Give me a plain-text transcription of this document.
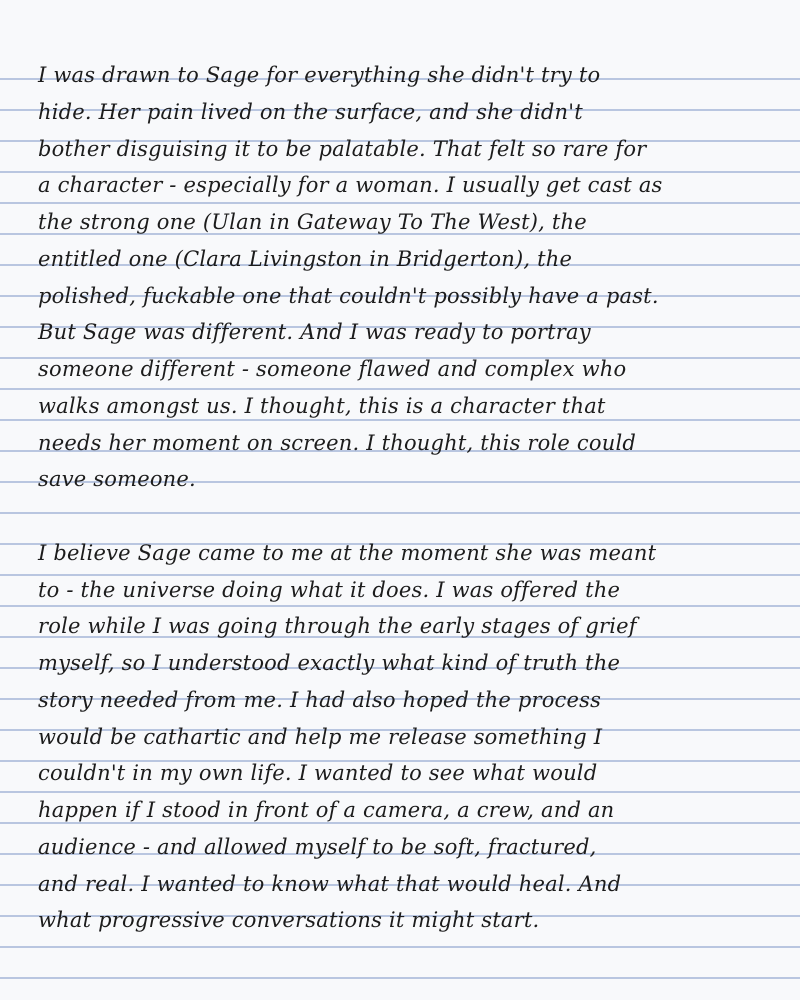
I was drawn to Sage for everything she didn't try to
hide. Her pain lived on the surface, and she didn't
bother disguising it to be palatable. That felt so rare for
a character - especially for a woman. I usually get cast as
the strong one (Ulan in Gateway To The West), the
entitled one (Clara Livingston in Bridgerton), the
polished, fuckable one that couldn't possibly have a past.
But Sage was different. And I was ready to portray
someone different - someone flawed and complex who
walks amongst us. I thought, this is a character that
needs her moment on screen. I thought, this role could
save someone.
I believe Sage came to me at the moment she was meant
to - the universe doing what it does. I was offered the
role while I was going through the early stages of grief
myself, so I understood exactly what kind of truth the
story needed from me. I had also hoped the process
would be cathartic and help me release something I
couldn't in my own life. I wanted to see what would
happen if I stood in front of a camera, a crew, and an
audience - and allowed myself to be soft, fractured,
and real. I wanted to know what that would heal. And
what progressive conversations it might start.
